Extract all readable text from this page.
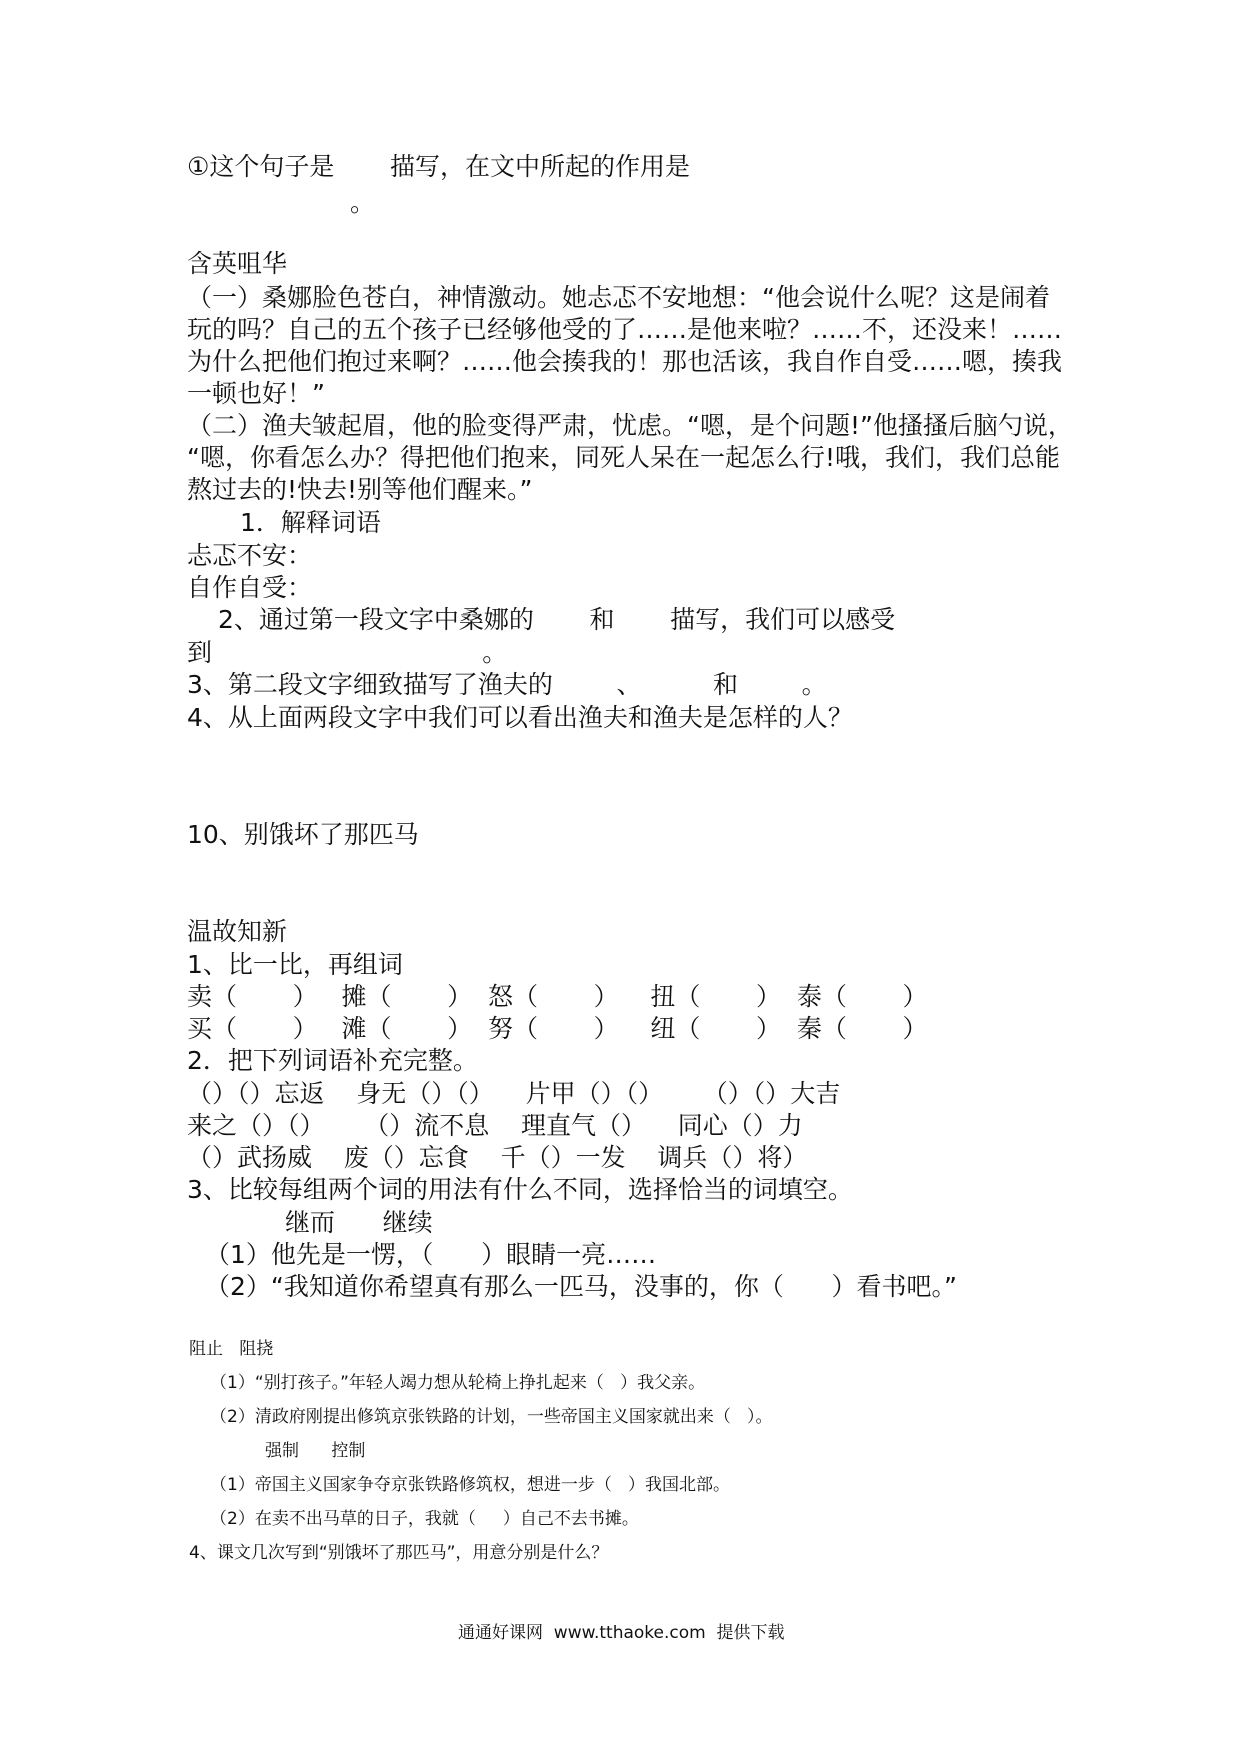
①这个句子是       描写，在文中所起的作用是
。
含英咀华
（一）桑娜脸色苍白，神情激动。她忐忑不安地想：“他会说什么呢？这是闹着
玩的吗？自己的五个孩子已经够他受的了……是他来啦？……不，还没来！……
为什么把他们抱过来啊？……他会揍我的！那也活该，我自作自受……嗯，揍我
一顿也好！”
（二）渔夫皱起眉，他的脸变得严肃，忧虑。“嗯，是个问题!”他搔搔后脑勺说，
“嗯，你看怎么办？得把他们抱来，同死人呆在一起怎么行!哦，我们，我们总能
熬过去的!快去!别等他们醒来。”
1．解释词语
忐忑不安：
自作自受：
2、通过第一段文字中桑娜的       和       描写，我们可以感受
到                                  。
3、第二段文字细致描写了渔夫的        、         和        。
4、从上面两段文字中我们可以看出渔夫和渔夫是怎样的人？
10、别饿坏了那匹马
温故知新
1、比一比，再组词
卖（       ）   摊（       ）  怒（       ）    扭（       ）  泰（       ）
买（       ）   滩（       ）  努（       ）    纽（       ）  秦（       ）
2．把下列词语补充完整。
（）（）忘返    身无（）（）    片甲（）（）     （）（）大吉
来之（）（）     （）流不息    理直气（）    同心（）力
（）武扬威    废（）忘食    千（）一发    调兵（）将）
3、比较每组两个词的用法有什么不同，选择恰当的词填空。
继而      继续
（1）他先是一愣，（      ）眼睛一亮……
（2）“我知道你希望真有那么一匹马，没事的，你（      ）看书吧。”
阻止   阻挠
（1）“别打孩子。”年轻人竭力想从轮椅上挣扎起来（   ）我父亲。
（2）清政府刚提出修筑京张铁路的计划，一些帝国主义国家就出来（   ）。
强制      控制
（1）帝国主义国家争夺京张铁路修筑权，想进一步（   ）我国北部。
（2）在卖不出马草的日子，我就（     ）自己不去书摊。
4、课文几次写到“别饿坏了那匹马”，用意分别是什么？
通通好课网  www.tthaoke.com  提供下载
